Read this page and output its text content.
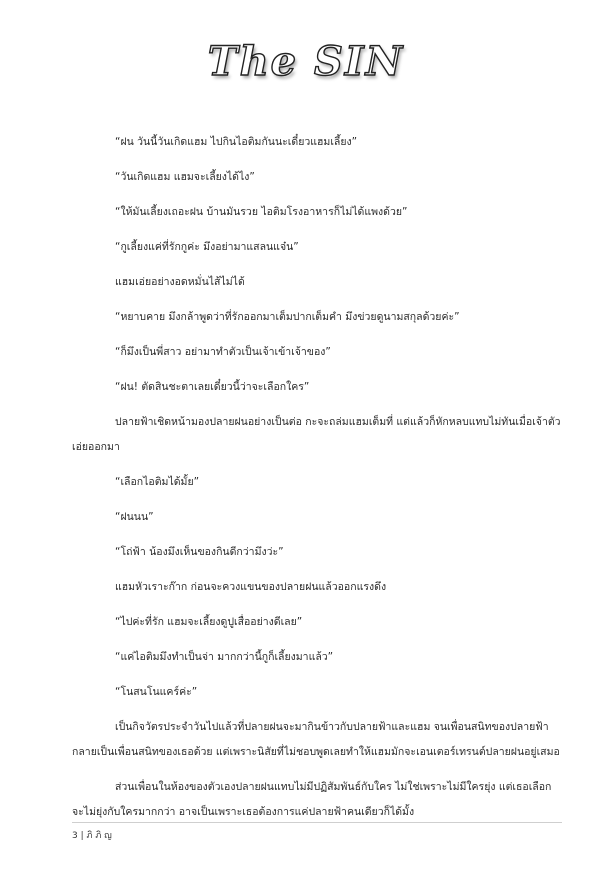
The SIN

“ฝน วันนี้วันเกิดแฮม ไปกินไอติมกันนะเดี๋ยวแฮมเลี้ยง”

“วันเกิดแฮม แฮมจะเลี้ยงได้ไง”

“ให้มันเลี้ยงเถอะฝน บ้านมันรวย ไอติมโรงอาหารก็ไม่ได้แพงด้วย”

“กูเลี้ยงแค่ที่รักกูค่ะ มึงอย่ามาแสลนแจ๋น”

แฮมเอ่ยอย่างอดหมั่นไส้ไม่ได้

“หยาบคาย มึงกล้าพูดว่าที่รักออกมาเต็มปากเต็มคำ มึงข่วยดูนามสกุลด้วยค่ะ”

“ก็มึงเป็นพี่สาว อย่ามาทำตัวเป็นเจ้าเข้าเจ้าของ”

“ฝน! ตัดสินชะตาเลยเดี๋ยวนี้ว่าจะเลือกใคร”

ปลายฟ้าเชิดหน้ามองปลายฝนอย่างเป็นต่อ กะจะถล่มแฮมเต็มที่ แต่แล้วก็หักหลบแทบไม่ทันเมื่อเจ้าตัวเอ่ยออกมา

“เลือกไอติมได้มั้ย”

“ฝนนน”

“โถ่ฟ้า น้องมึงเห็นของกินดีกว่ามึงว่ะ”

แฮมหัวเราะก๊าก ก่อนจะควงแขนของปลายฝนแล้วออกแรงดึง

“ไปค่ะที่รัก แฮมจะเลี้ยงดูปูเสื่ออย่างดีเลย”

“แค่ไอติมมึงทำเป็นจ่า มากกว่านี้กูก็เลี้ยงมาแล้ว”

“โนสนโนแคร์ค่ะ”

เป็นกิจวัตรประจำวันไปแล้วที่ปลายฝนจะมากินข้าวกับปลายฟ้าและแฮม จนเพื่อนสนิทของปลายฟ้ากลายเป็นเพื่อนสนิทของเธอด้วย แต่เพราะนิสัยที่ไม่ชอบพูดเลยทำให้แฮมมักจะเอนเตอร์เทรนต์ปลายฝนอยู่เสมอ

ส่วนเพื่อนในห้องของตัวเองปลายฝนแทบไม่มีปฏิสัมพันธ์กับใคร ไม่ใช่เพราะไม่มีใครยุ่ง แต่เธอเลือกจะไม่ยุ่งกับใครมากกว่า อาจเป็นเพราะเธอต้องการแค่ปลายฟ้าคนเดียวก็ได้มั้ง

3 | ภิ ภิ ญ
